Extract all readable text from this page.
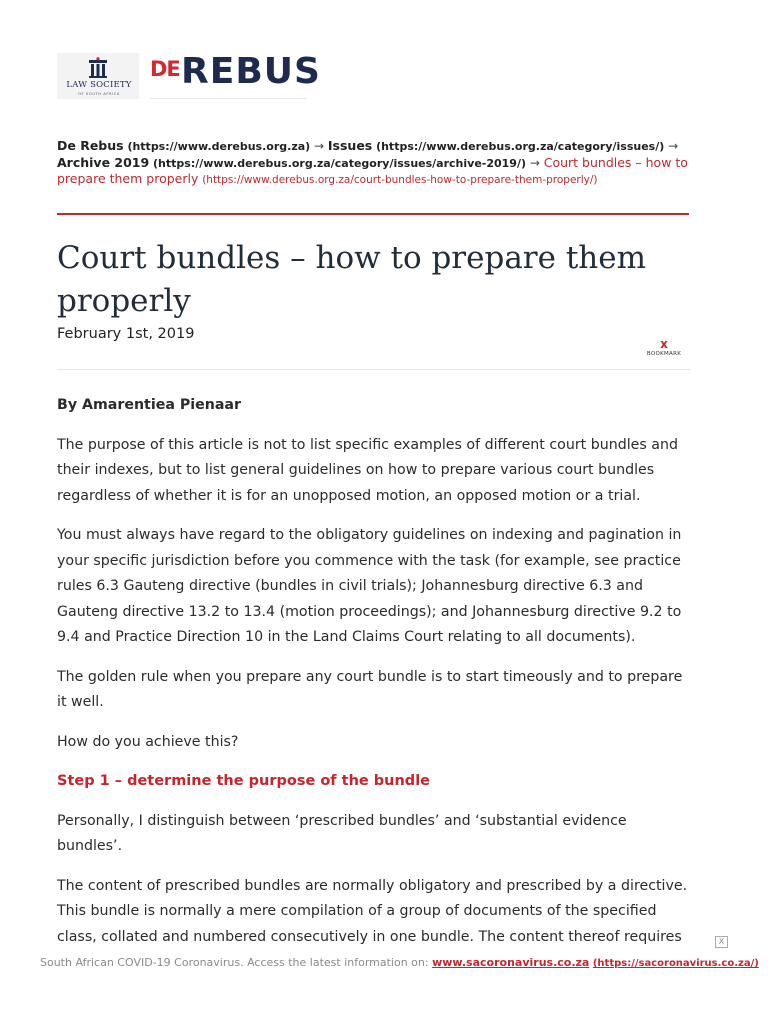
LAW SOCIETY
OF SOUTH AFRICA
DE REBUS
De Rebus (https://www.derebus.org.za) → Issues (https://www.derebus.org.za/category/issues/) → Archive 2019 (https://www.derebus.org.za/category/issues/archive-2019/) → Court bundles – how to prepare them properly (https://www.derebus.org.za/court-bundles-how-to-prepare-them-properly/)
Court bundles – how to prepare them properly
February 1st, 2019
x
BOOKMARK

By Amarentiea Pienaar

The purpose of this article is not to list specific examples of different court bundles and their indexes, but to list general guidelines on how to prepare various court bundles regardless of whether it is for an unopposed motion, an opposed motion or a trial.

You must always have regard to the obligatory guidelines on indexing and pagination in your specific jurisdiction before you commence with the task (for example, see practice rules 6.3 Gauteng directive (bundles in civil trials); Johannesburg directive 6.3 and Gauteng directive 13.2 to 13.4 (motion proceedings); and Johannesburg directive 9.2 to 9.4 and Practice Direction 10 in the Land Claims Court relating to all documents).

The golden rule when you prepare any court bundle is to start timeously and to prepare it well.

How do you achieve this?

Step 1 – determine the purpose of the bundle

Personally, I distinguish between ‘prescribed bundles’ and ‘substantial evidence bundles’.

The content of prescribed bundles are normally obligatory and prescribed by a directive. This bundle is normally a mere compilation of a group of documents of the specified class, collated and numbered consecutively in one bundle. The content thereof requires	X
South African COVID-19 Coronavirus. Access the latest information on: www.sacoronavirus.co.za (https://sacoronavirus.co.za/)
